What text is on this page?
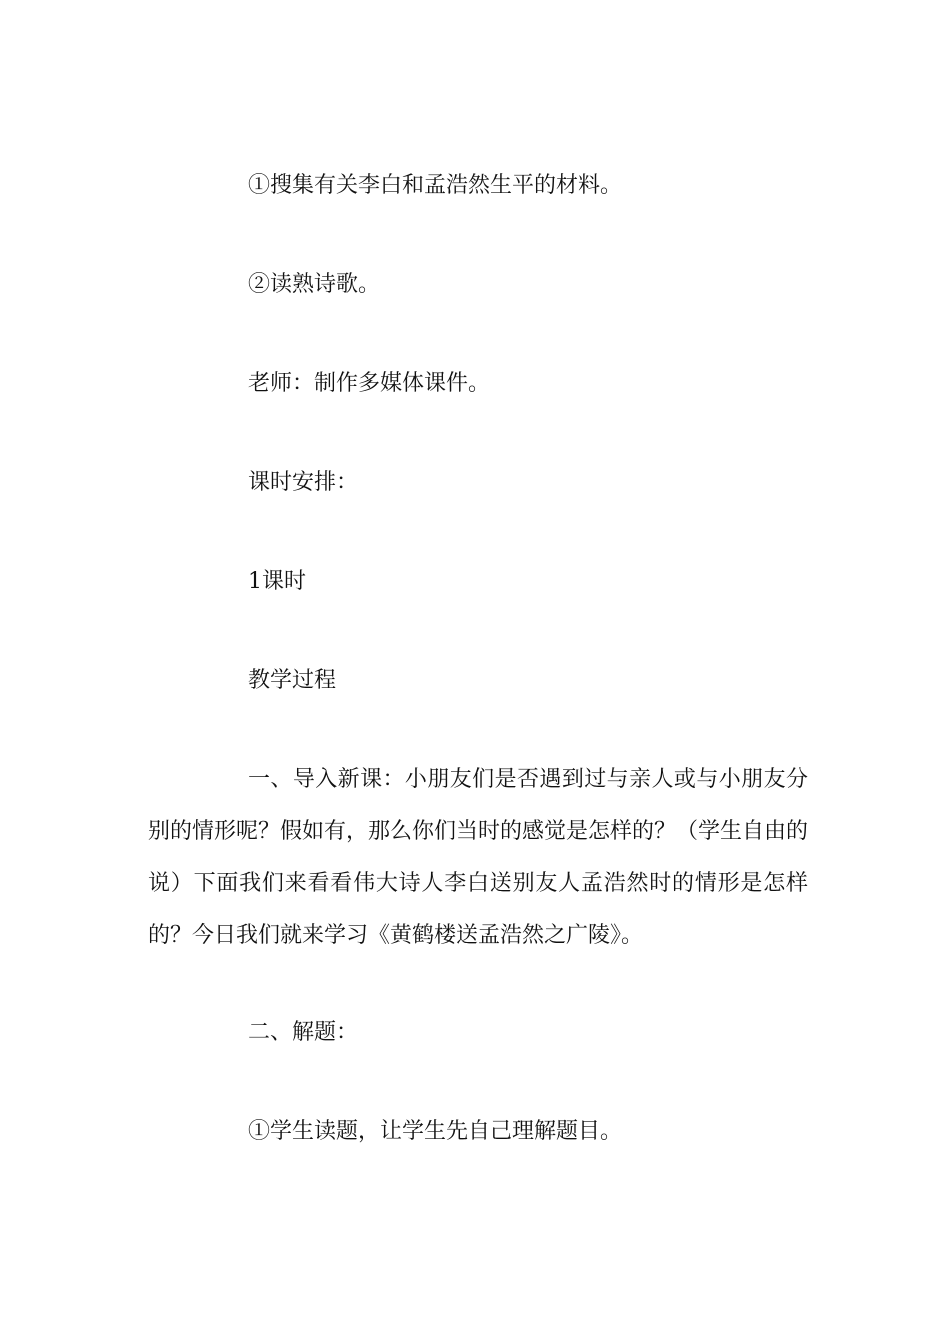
①搜集有关李白和孟浩然生平的材料。
②读熟诗歌。
老师：制作多媒体课件。
课时安排：
1课时
教学过程
一、导入新课：小朋友们是否遇到过与亲人或与小朋友分别的情形呢？假如有，那么你们当时的感觉是怎样的？（学生自由的说）下面我们来看看伟大诗人李白送别友人孟浩然时的情形是怎样的？今日我们就来学习《黄鹤楼送孟浩然之广陵》。
二、解题：
①学生读题，让学生先自己理解题目。
